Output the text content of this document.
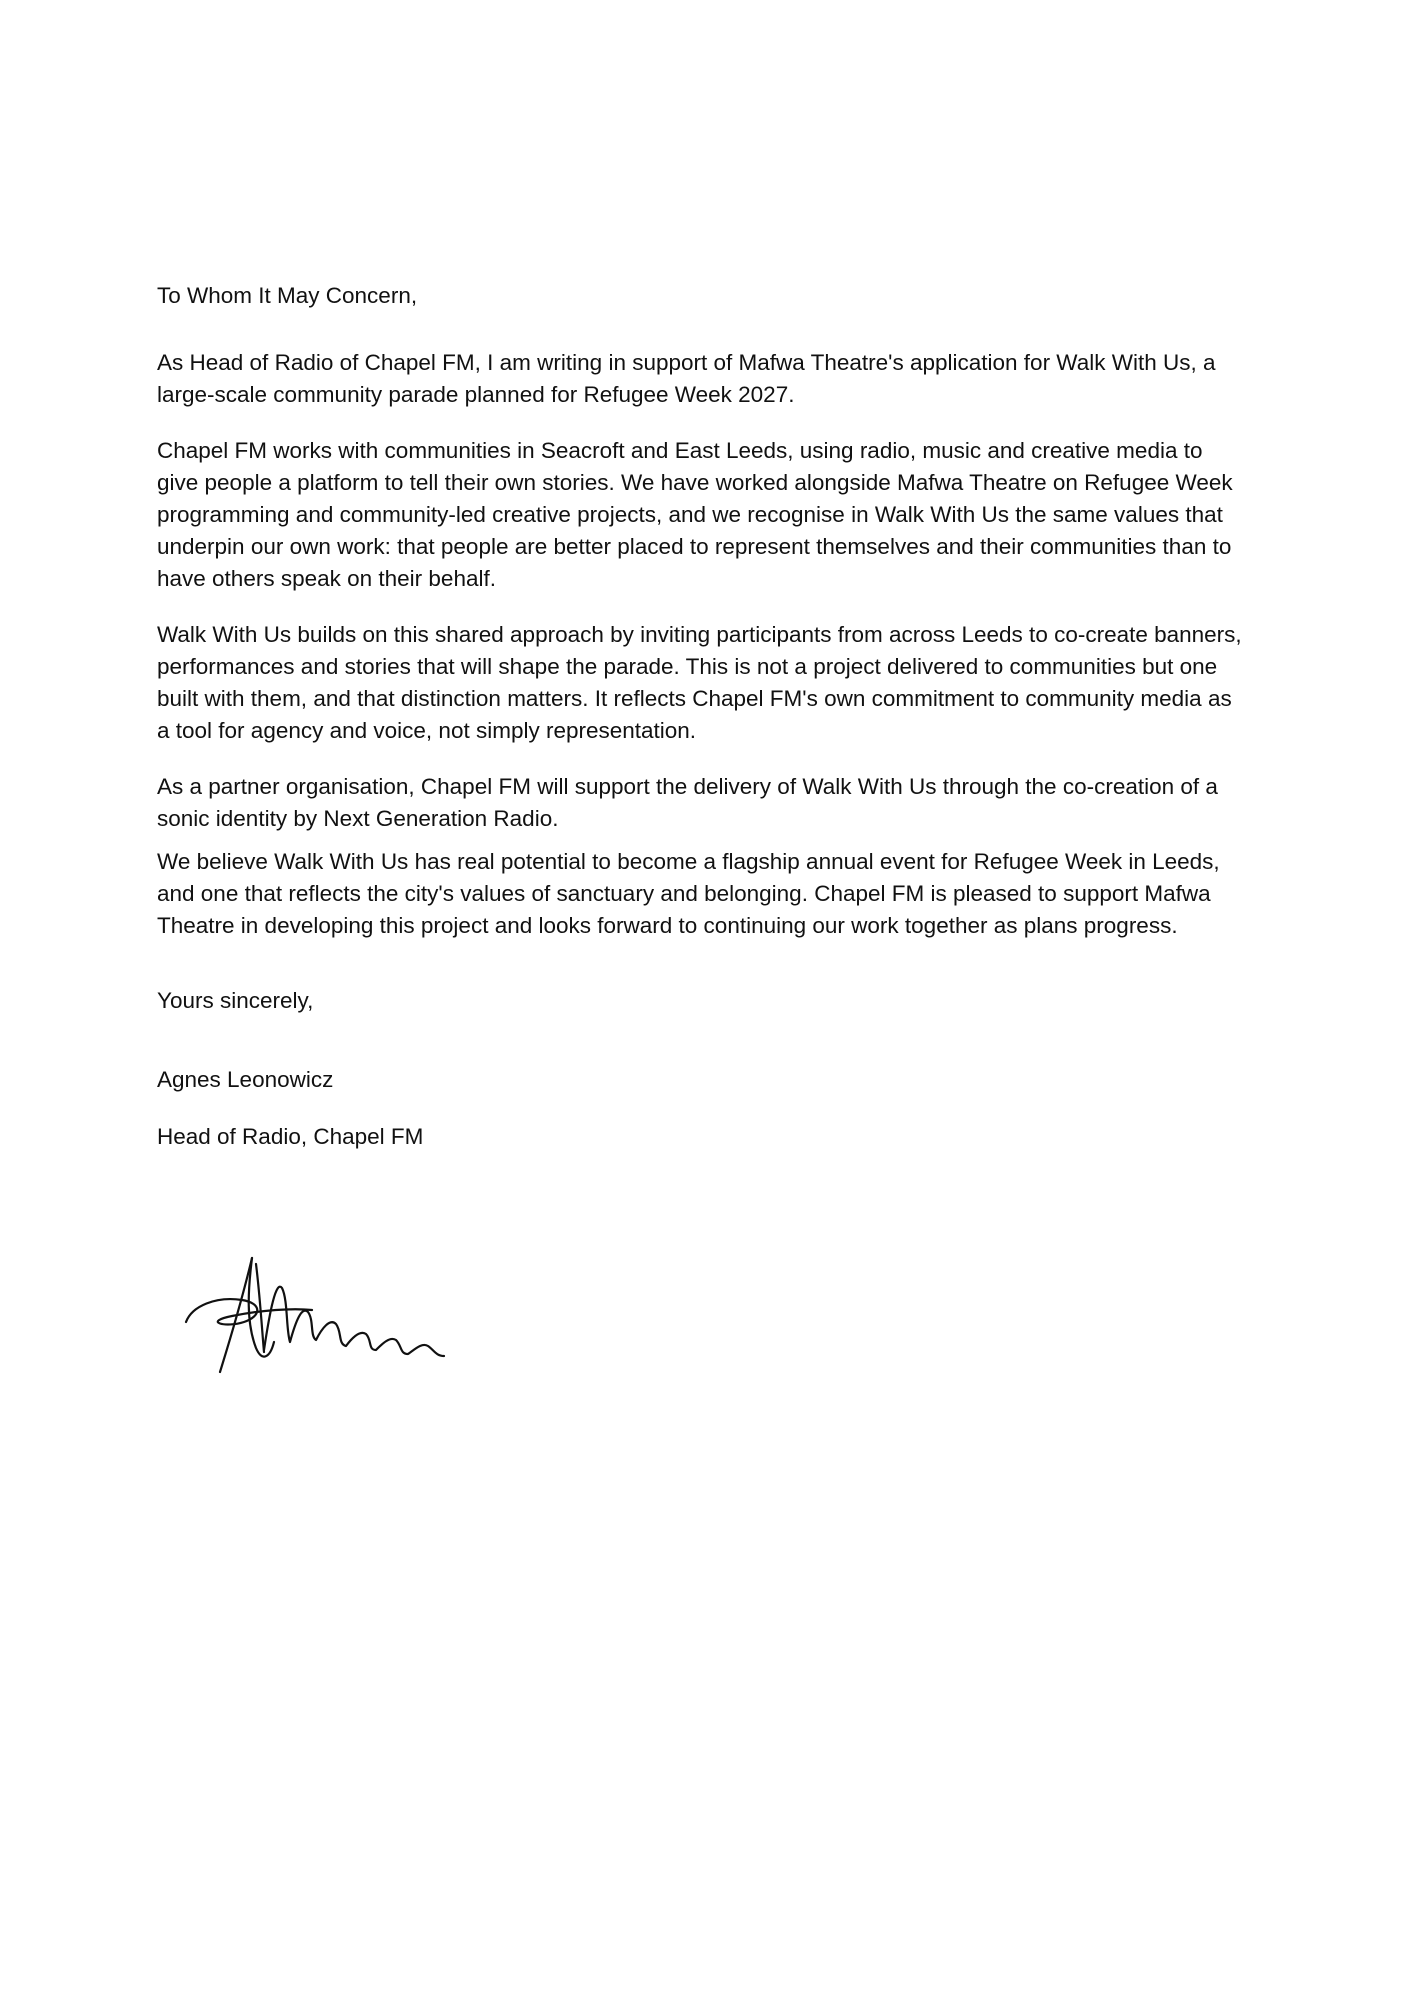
To Whom It May Concern,

As Head of Radio of Chapel FM, I am writing in support of Mafwa Theatre's application for Walk With Us, a large-scale community parade planned for Refugee Week 2027.

Chapel FM works with communities in Seacroft and East Leeds, using radio, music and creative media to give people a platform to tell their own stories. We have worked alongside Mafwa Theatre on Refugee Week programming and community-led creative projects, and we recognise in Walk With Us the same values that underpin our own work: that people are better placed to represent themselves and their communities than to have others speak on their behalf.

Walk With Us builds on this shared approach by inviting participants from across Leeds to co-create banners, performances and stories that will shape the parade. This is not a project delivered to communities but one built with them, and that distinction matters. It reflects Chapel FM's own commitment to community media as a tool for agency and voice, not simply representation.

As a partner organisation, Chapel FM will support the delivery of Walk With Us through the co-creation of a sonic identity by Next Generation Radio.

We believe Walk With Us has real potential to become a flagship annual event for Refugee Week in Leeds, and one that reflects the city's values of sanctuary and belonging. Chapel FM is pleased to support Mafwa Theatre in developing this project and looks forward to continuing our work together as plans progress.

Yours sincerely,

Agnes Leonowicz

Head of Radio, Chapel FM
